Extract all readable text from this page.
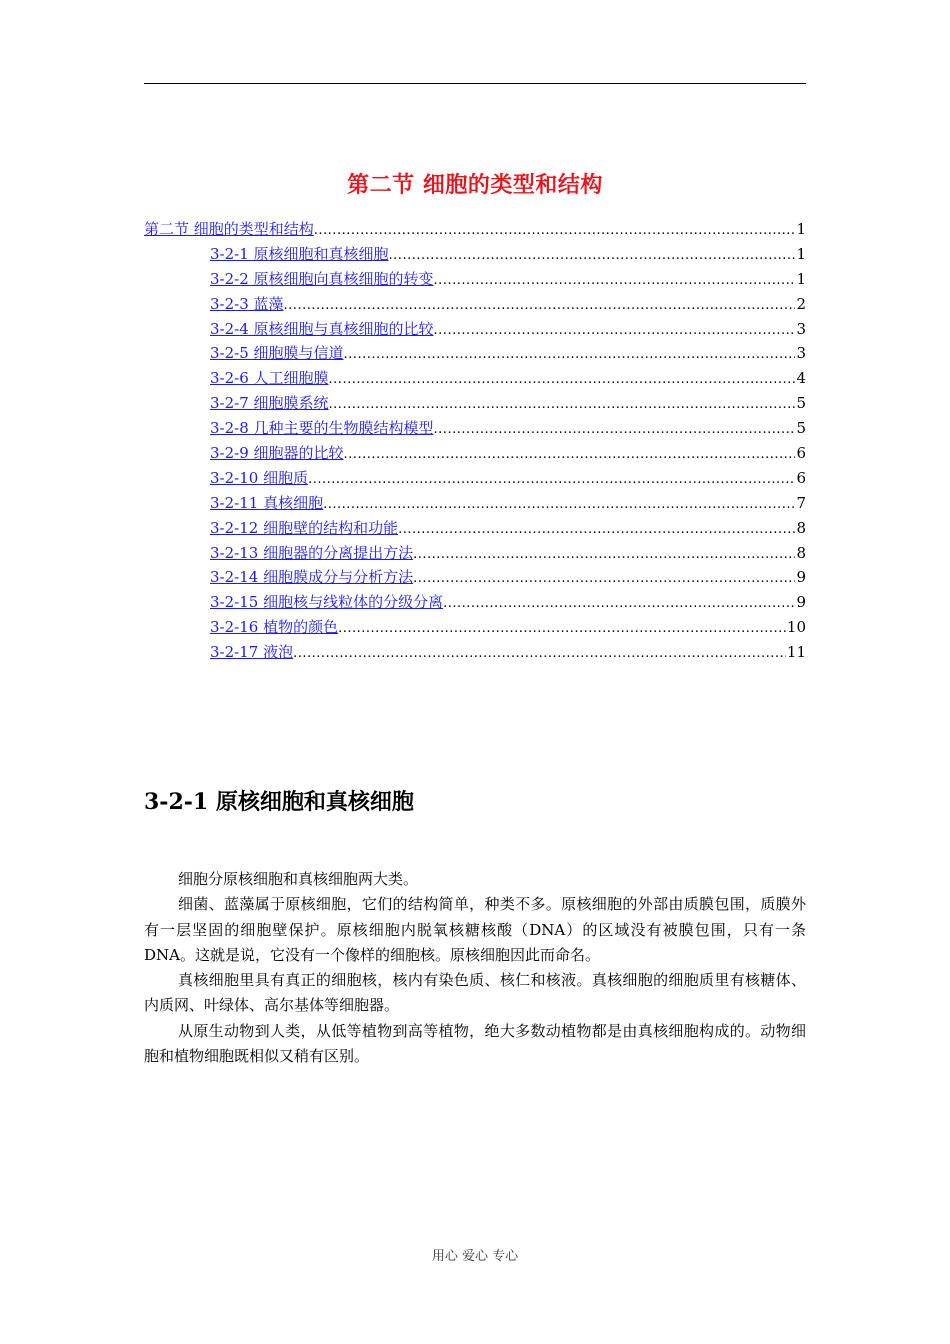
第二节 细胞的类型和结构
第二节 细胞的类型和结构 .....	1
3-2-1 原核细胞和真核细胞 .....	1
3-2-2 原核细胞向真核细胞的转变 .....	1
3-2-3 蓝藻 .....	2
3-2-4 原核细胞与真核细胞的比较 .....	3
3-2-5 细胞膜与信道 .....	3
3-2-6 人工细胞膜 .....	4
3-2-7 细胞膜系统 .....	5
3-2-8 几种主要的生物膜结构模型 .....	5
3-2-9 细胞器的比较 .....	6
3-2-10 细胞质 .....	6
3-2-11 真核细胞 .....	7
3-2-12 细胞壁的结构和功能 .....	8
3-2-13 细胞器的分离提出方法 .....	8
3-2-14 细胞膜成分与分析方法 .....	9
3-2-15 细胞核与线粒体的分级分离 .....	9
3-2-16 植物的颜色 .....	10
3-2-17 液泡 .....	11
3-2-1 原核细胞和真核细胞

细胞分原核细胞和真核细胞两大类。

细菌、蓝藻属于原核细胞，它们的结构简单，种类不多。原核细胞的外部由质膜包围，质膜外有一层坚固的细胞壁保护。原核细胞内脱氧核糖核酸（DNA）的区域没有被膜包围，只有一条 DNA。这就是说，它没有一个像样的细胞核。原核细胞因此而命名。

真核细胞里具有真正的细胞核，核内有染色质、核仁和核液。真核细胞的细胞质里有核糖体、内质网、叶绿体、高尔基体等细胞器。

从原生动物到人类，从低等植物到高等植物，绝大多数动植物都是由真核细胞构成的。动物细胞和植物细胞既相似又稍有区别。

用心 爱心 专心
